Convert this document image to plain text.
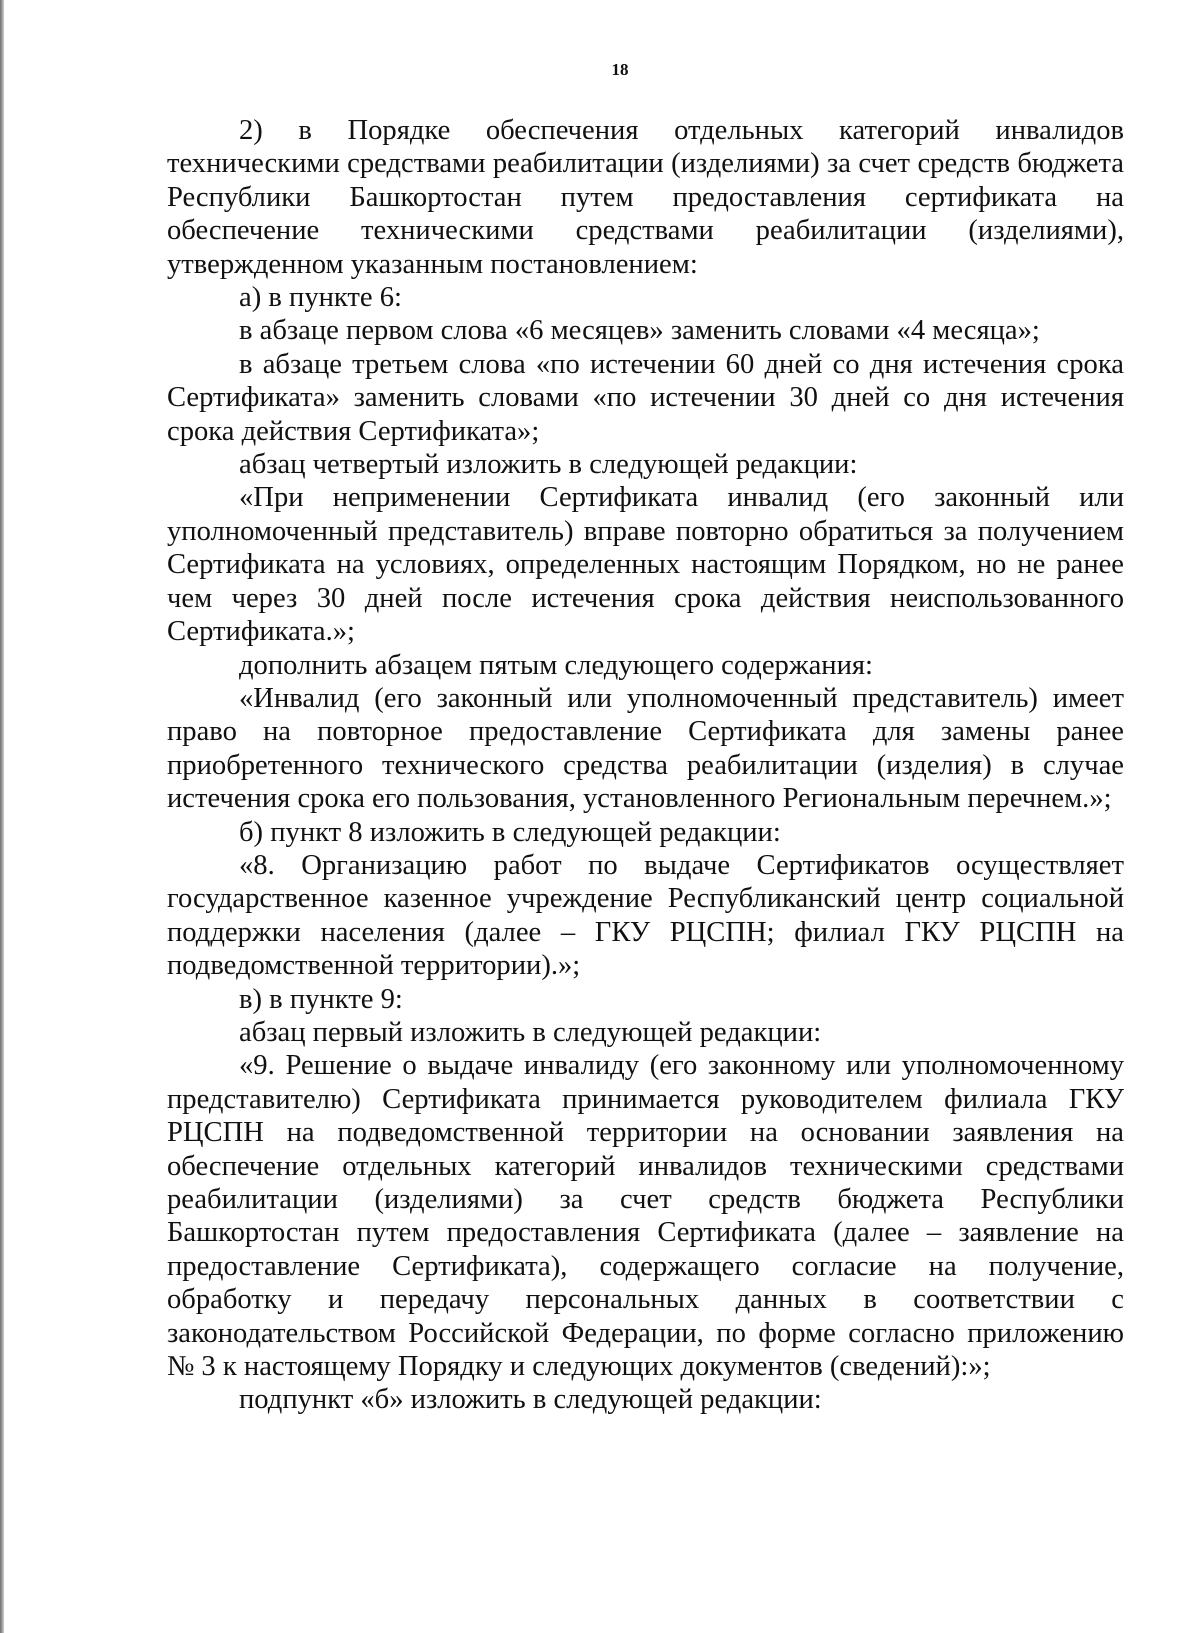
18

2) в Порядке обеспечения отдельных категорий инвалидов техническими средствами реабилитации (изделиями) за счет средств бюджета Республики Башкортостан путем предоставления сертификата на обеспечение техническими средствами реабилитации (изделиями), утвержденном указанным постановлением:

а) в пункте 6:

в абзаце первом слова «6 месяцев» заменить словами «4 месяца»;

в абзаце третьем слова «по истечении 60 дней со дня истечения срока Сертификата» заменить словами «по истечении 30 дней со дня истечения срока действия Сертификата»;

абзац четвертый изложить в следующей редакции:

«При неприменении Сертификата инвалид (его законный или уполномоченный представитель) вправе повторно обратиться за получением Сертификата на условиях, определенных настоящим Порядком, но не ранее чем через 30 дней после истечения срока действия неиспользованного Сертификата.»;

дополнить абзацем пятым следующего содержания:

«Инвалид (его законный или уполномоченный представитель) имеет право на повторное предоставление Сертификата для замены ранее приобретенного технического средства реабилитации (изделия) в случае истечения срока его пользования, установленного Региональным перечнем.»;

б) пункт 8 изложить в следующей редакции:

«8. Организацию работ по выдаче Сертификатов осуществляет государственное казенное учреждение Республиканский центр социальной поддержки населения (далее – ГКУ РЦСПН; филиал ГКУ РЦСПН на подведомственной территории).»;

в) в пункте 9:

абзац первый изложить в следующей редакции:

«9. Решение о выдаче инвалиду (его законному или уполномоченному представителю) Сертификата принимается руководителем филиала ГКУ РЦСПН на подведомственной территории на основании заявления на обеспечение отдельных категорий инвалидов техническими средствами реабилитации (изделиями) за счет средств бюджета Республики Башкортостан путем предоставления Сертификата (далее – заявление на предоставление Сертификата), содержащего согласие на получение, обработку и передачу персональных данных в соответствии с законодательством Российской Федерации, по форме согласно приложению № 3 к настоящему Порядку и следующих документов (сведений):»;

подпункт «б» изложить в следующей редакции:
